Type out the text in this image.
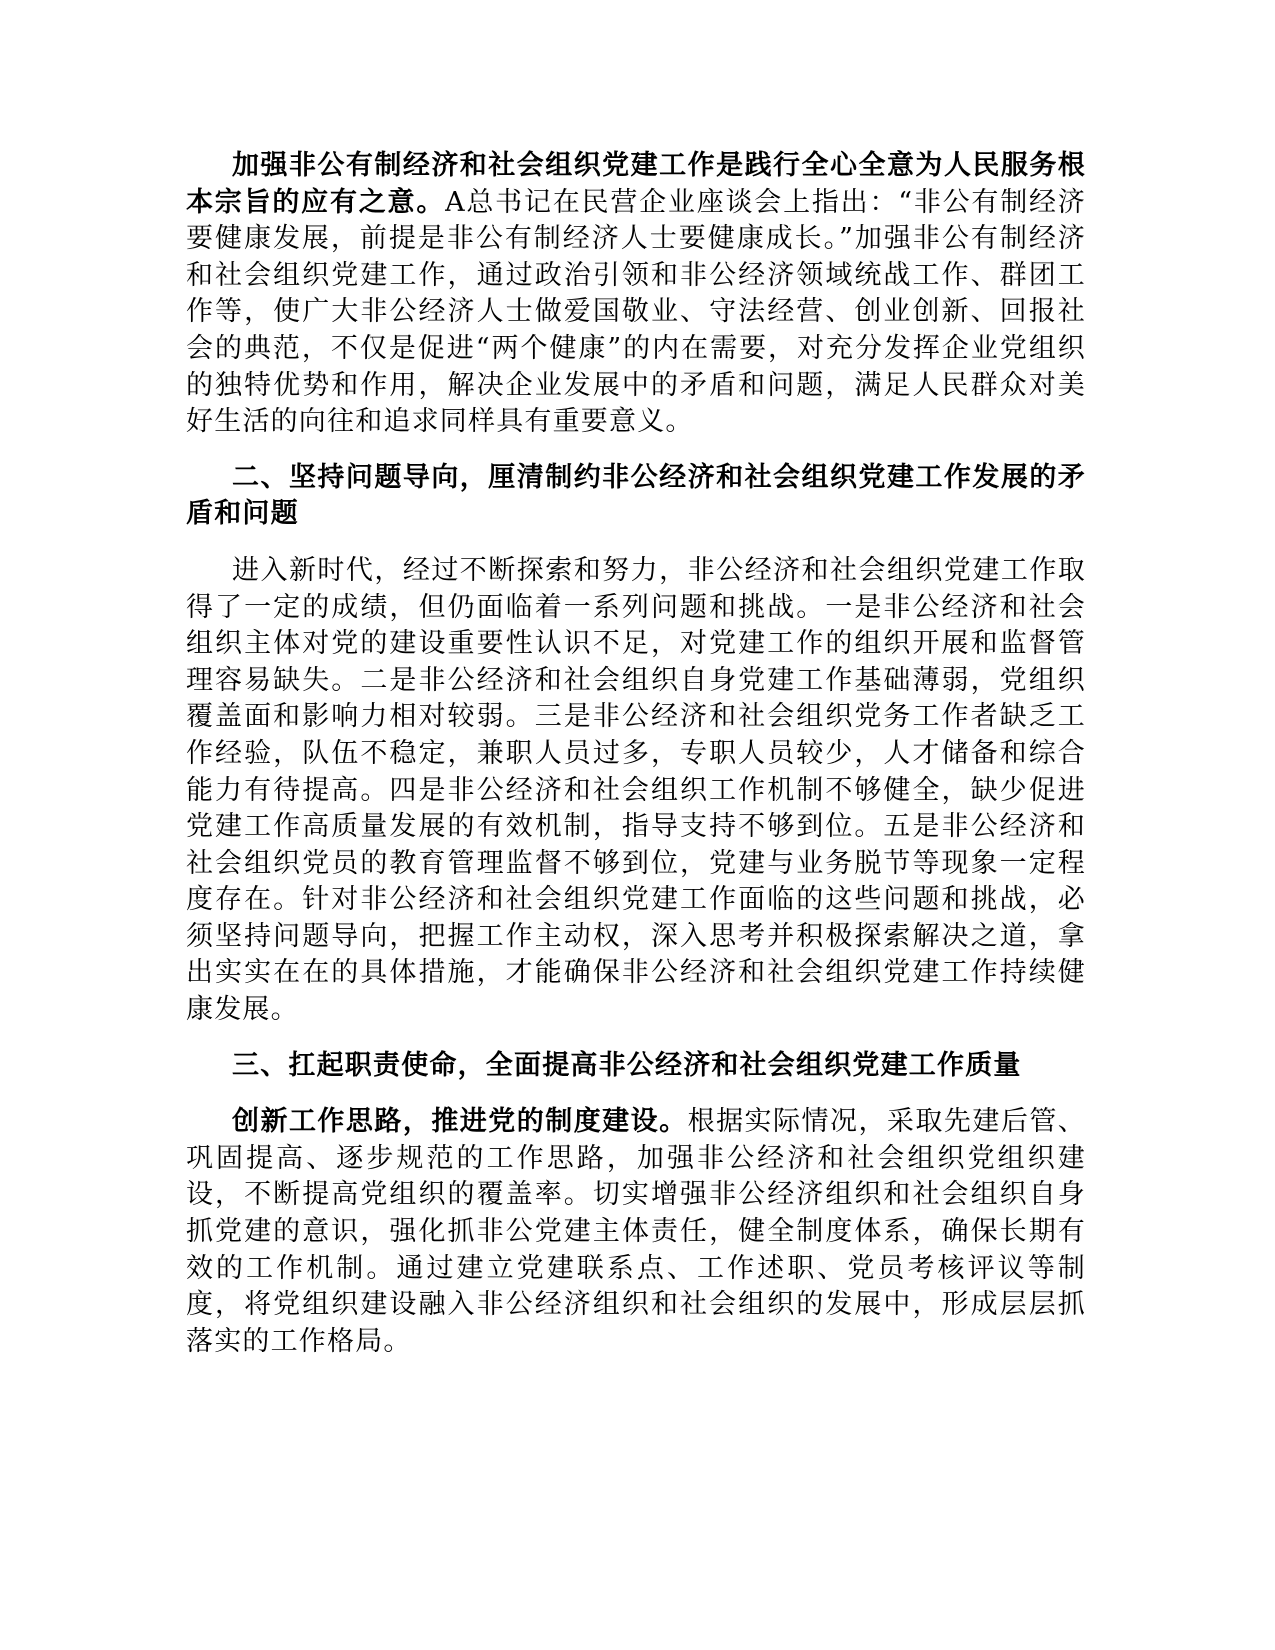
加强非公有制经济和社会组织党建工作是践行全心全意为人民服务根本宗旨的应有之意。A总书记在民营企业座谈会上指出：“非公有制经济要健康发展，前提是非公有制经济人士要健康成长。”加强非公有制经济和社会组织党建工作，通过政治引领和非公经济领域统战工作、群团工作等，使广大非公经济人士做爱国敬业、守法经营、创业创新、回报社会的典范，不仅是促进“两个健康”的内在需要，对充分发挥企业党组织的独特优势和作用，解决企业发展中的矛盾和问题，满足人民群众对美好生活的向往和追求同样具有重要意义。

二、坚持问题导向，厘清制约非公经济和社会组织党建工作发展的矛盾和问题

进入新时代，经过不断探索和努力，非公经济和社会组织党建工作取得了一定的成绩，但仍面临着一系列问题和挑战。一是非公经济和社会组织主体对党的建设重要性认识不足，对党建工作的组织开展和监督管理容易缺失。二是非公经济和社会组织自身党建工作基础薄弱，党组织覆盖面和影响力相对较弱。三是非公经济和社会组织党务工作者缺乏工作经验，队伍不稳定，兼职人员过多，专职人员较少，人才储备和综合能力有待提高。四是非公经济和社会组织工作机制不够健全，缺少促进党建工作高质量发展的有效机制，指导支持不够到位。五是非公经济和社会组织党员的教育管理监督不够到位，党建与业务脱节等现象一定程度存在。针对非公经济和社会组织党建工作面临的这些问题和挑战，必须坚持问题导向，把握工作主动权，深入思考并积极探索解决之道，拿出实实在在的具体措施，才能确保非公经济和社会组织党建工作持续健康发展。

三、扛起职责使命，全面提高非公经济和社会组织党建工作质量

创新工作思路，推进党的制度建设。根据实际情况，采取先建后管、巩固提高、逐步规范的工作思路，加强非公经济和社会组织党组织建设，不断提高党组织的覆盖率。切实增强非公经济组织和社会组织自身抓党建的意识，强化抓非公党建主体责任，健全制度体系，确保长期有效的工作机制。通过建立党建联系点、工作述职、党员考核评议等制度，将党组织建设融入非公经济组织和社会组织的发展中，形成层层抓落实的工作格局。
